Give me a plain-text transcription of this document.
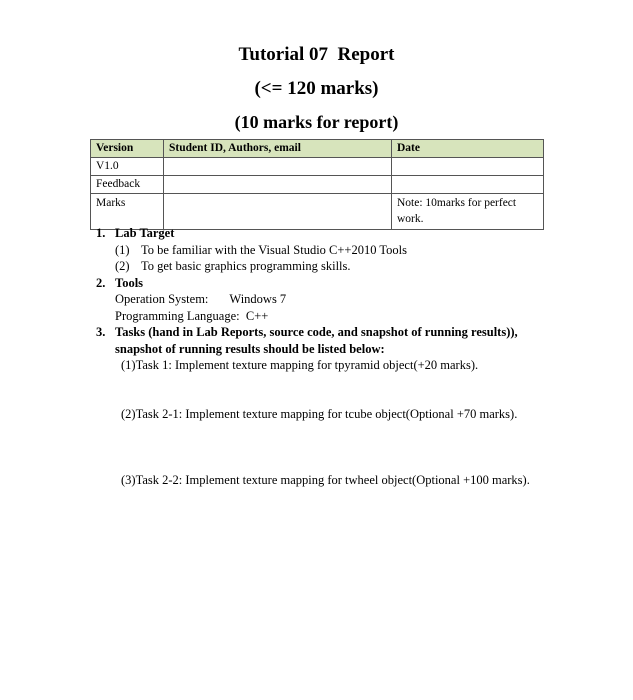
Tutorial 07  Report
(<= 120 marks)
(10 marks for report)
Version	Student ID, Authors, email	Date
V1.0		
Feedback		
Marks		Note: 10marks for perfect work.
1. Lab Target
(1) To be familiar with the Visual Studio C++2010 Tools
(2) To get basic graphics programming skills.
2. Tools
Operation System: Windows 7
Programming Language: C++
3. Tasks (hand in Lab Reports, source code, and snapshot of running results)),
snapshot of running results should be listed below:
(1)Task 1: Implement texture mapping for tpyramid object(+20 marks).
(2)Task 2-1: Implement texture mapping for tcube object(Optional +70 marks).
(3)Task 2-2: Implement texture mapping for twheel object(Optional +100 marks).
